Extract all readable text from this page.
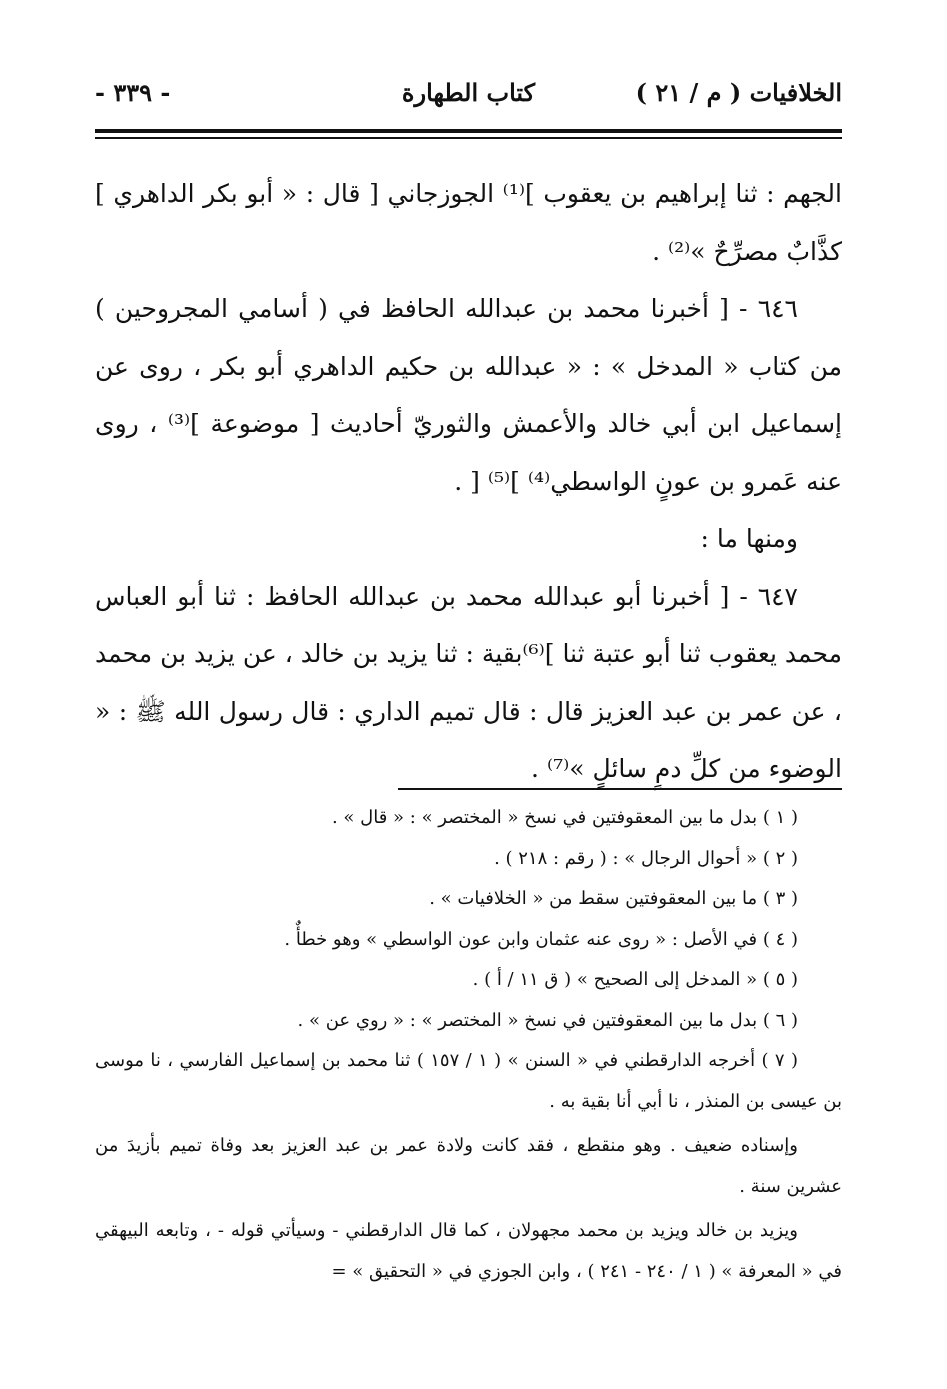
الخلافيات ( م / ٢١ )
كتاب الطهارة
- ٣٣٩ -

الجهم : ثنا إبراهيم بن يعقوب ]⁽¹⁾ الجوزجاني [ قال : « أبو بكر الداهري ] كذَّابٌ مصرِّحٌ »⁽²⁾ .

٦٤٦ - [ أخبرنا محمد بن عبدالله الحافظ في ( أسامي المجروحين ) من كتاب « المدخل » : « عبدالله بن حكيم الداهري أبو بكر ، روى عن إسماعيل ابن أبي خالد والأعمش والثوريّ أحاديث [ موضوعة ]⁽³⁾ ، روى عنه عَمرو بن عونٍ الواسطي⁽⁴⁾ ]⁽⁵⁾ [ .

ومنها ما :

٦٤٧ - [ أخبرنا أبو عبدالله محمد بن عبدالله الحافظ : ثنا أبو العباس محمد يعقوب ثنا أبو عتبة ثنا ]⁽⁶⁾بقية : ثنا يزيد بن خالد ، عن يزيد بن محمد ، عن عمر بن عبد العزيز قال : قال تميم الداري : قال رسول الله ﷺ : « الوضوء من كلِّ دمٍ سائلٍ »⁽⁷⁾ .

( ١ ) بدل ما بين المعقوفتين في نسخ « المختصر » : « قال » .

( ٢ ) « أحوال الرجال » : ( رقم : ٢١٨ ) .

( ٣ ) ما بين المعقوفتين سقط من « الخلافيات » .

( ٤ ) في الأصل : « روى عنه عثمان وابن عون الواسطي » وهو خطأٌ .

( ٥ ) « المدخل إلى الصحيح » ( ق ١١ / أ ) .

( ٦ ) بدل ما بين المعقوفتين في نسخ « المختصر » : « روي عن » .

( ٧ ) أخرجه الدارقطني في « السنن » ( ١ / ١٥٧ ) ثنا محمد بن إسماعيل الفارسي ، نا موسى بن عيسى بن المنذر ، نا أبي أنا بقية به .

وإسناده ضعيف . وهو منقطع ، فقد كانت ولادة عمر بن عبد العزيز بعد وفاة تميم بأزيدَ من عشرين سنة .

ويزيد بن خالد ويزيد بن محمد مجهولان ، كما قال الدارقطني - وسيأتي قوله - ، وتابعه البيهقي في « المعرفة » ( ١ / ٢٤٠ - ٢٤١ ) ، وابن الجوزي في « التحقيق » =
